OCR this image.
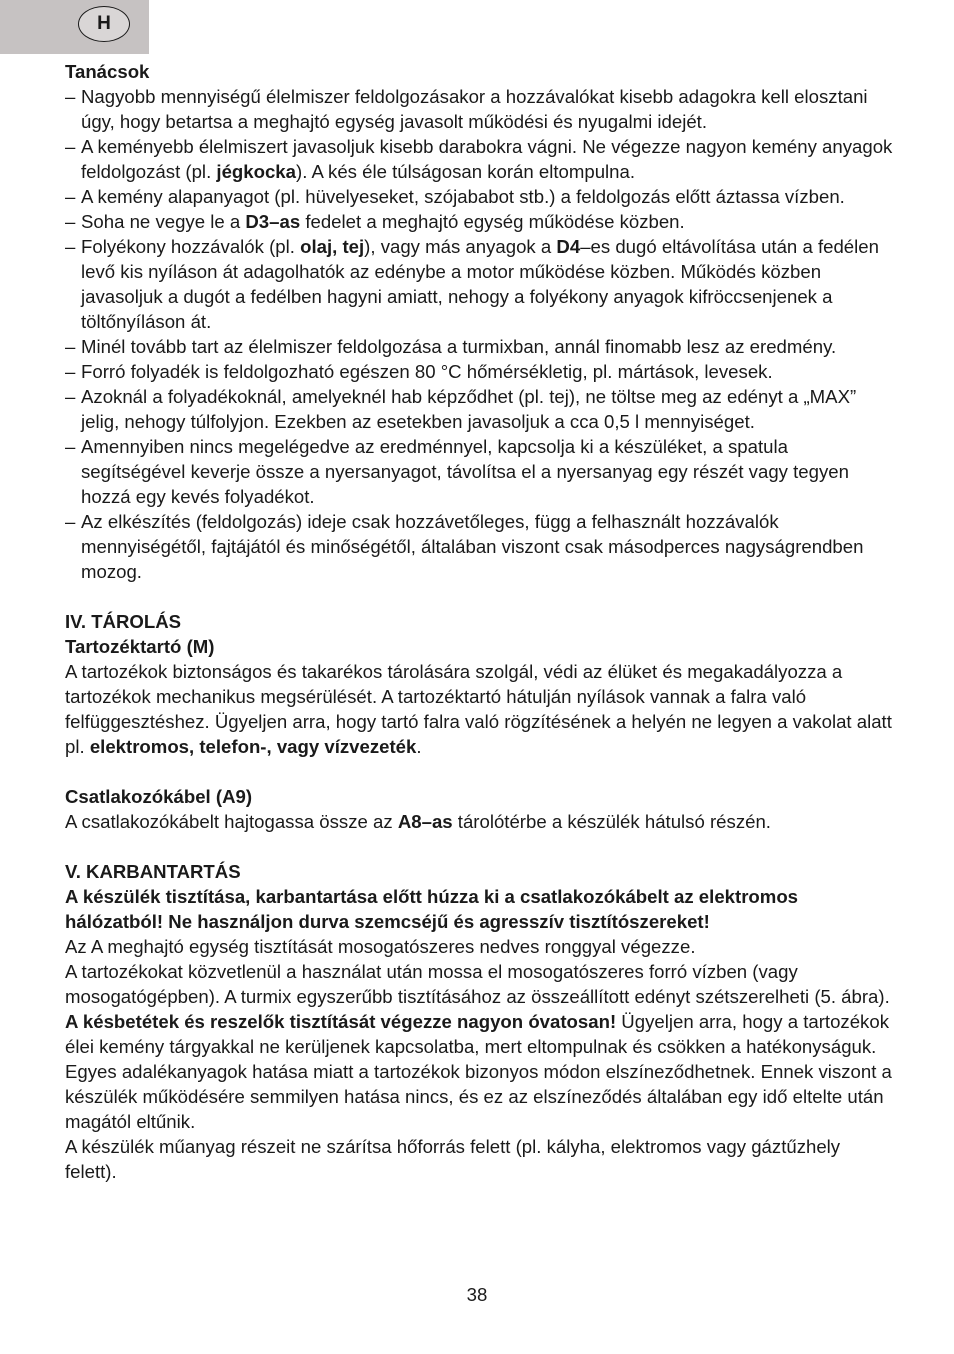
H
Tanácsok
– Nagyobb mennyiségű élelmiszer feldolgozásakor a hozzávalókat kisebb adagokra kell elosztani úgy, hogy betartsa a meghajtó egység javasolt működési és nyugalmi idejét.
– A keményebb élelmiszert javasoljuk kisebb darabokra vágni. Ne végezze nagyon kemény anyagok feldolgozást (pl. jégkocka). A kés éle túlságosan korán eltompulna.
– A kemény alapanyagot (pl. hüvelyeseket, szójababot stb.) a feldolgozás előtt áztassa vízben.
– Soha ne vegye le a D3–as fedelet a meghajtó egység működése közben.
– Folyékony hozzávalók (pl. olaj, tej), vagy más anyagok a D4–es dugó eltávolítása után a fedélen levő kis nyíláson át adagolhatók az edénybe a motor működése közben. Működés közben javasoljuk a dugót a fedélben hagyni amiatt, nehogy a folyékony anyagok kifröccsenjenek a töltőnyíláson át.
– Minél tovább tart az élelmiszer feldolgozása a turmixban, annál finomabb lesz az eredmény.
– Forró folyadék is feldolgozható egészen 80 °C hőmérsékletig, pl. mártások, levesek.
– Azoknál a folyadékoknál, amelyeknél hab képződhet (pl. tej), ne töltse meg az edényt a „MAX” jelig, nehogy túlfolyjon. Ezekben az esetekben javasoljuk a cca 0,5 l mennyiséget.
– Amennyiben nincs megelégedve az eredménnyel, kapcsolja ki a készüléket, a spatula segítségével keverje össze a nyersanyagot, távolítsa el a nyersanyag egy részét vagy tegyen hozzá egy kevés folyadékot.
– Az elkészítés (feldolgozás) ideje csak hozzávetőleges, függ a felhasznált hozzávalók mennyiségétől, fajtájától és minőségétől, általában viszont csak másodperces nagyságrendben mozog.
IV. TÁROLÁS
Tartozéktartó (M)

A tartozékok biztonságos és takarékos tárolására szolgál, védi az élüket és megakadályozza a tartozékok mechanikus megsérülését. A tartozéktartó hátulján nyílások vannak a falra való felfüggesztéshez. Ügyeljen arra, hogy tartó falra való rögzítésének a helyén ne legyen a vakolat alatt pl. elektromos, telefon-, vagy vízvezeték.

Csatlakozókábel (A9)

A csatlakozókábelt hajtogassa össze az A8–as tárolótérbe a készülék hátulsó részén.

V. KARBANTARTÁS

A készülék tisztítása, karbantartása előtt húzza ki a csatlakozókábelt az elektromos hálózatból! Ne használjon durva szemcséjű és agresszív tisztítószereket!

Az A meghajtó egység tisztítását mosogatószeres nedves ronggyal végezze.

A tartozékokat közvetlenül a használat után mossa el mosogatószeres forró vízben (vagy mosogatógépben). A turmix egyszerűbb tisztításához az összeállított edényt szétszerelheti (5. ábra). A késbetétek és reszelők tisztítását végezze nagyon óvatosan! Ügyeljen arra, hogy a tartozékok élei kemény tárgyakkal ne kerüljenek kapcsolatba, mert eltompulnak és csökken a hatékonyságuk. Egyes adalékanyagok hatása miatt a tartozékok bizonyos módon elszíneződhetnek. Ennek viszont a készülék működésére semmilyen hatása nincs, és ez az elszíneződés általában egy idő eltelte után magától eltűnik.

A készülék műanyag részeit ne szárítsa hőforrás felett (pl. kályha, elektromos vagy gáztűzhely felett).

38
